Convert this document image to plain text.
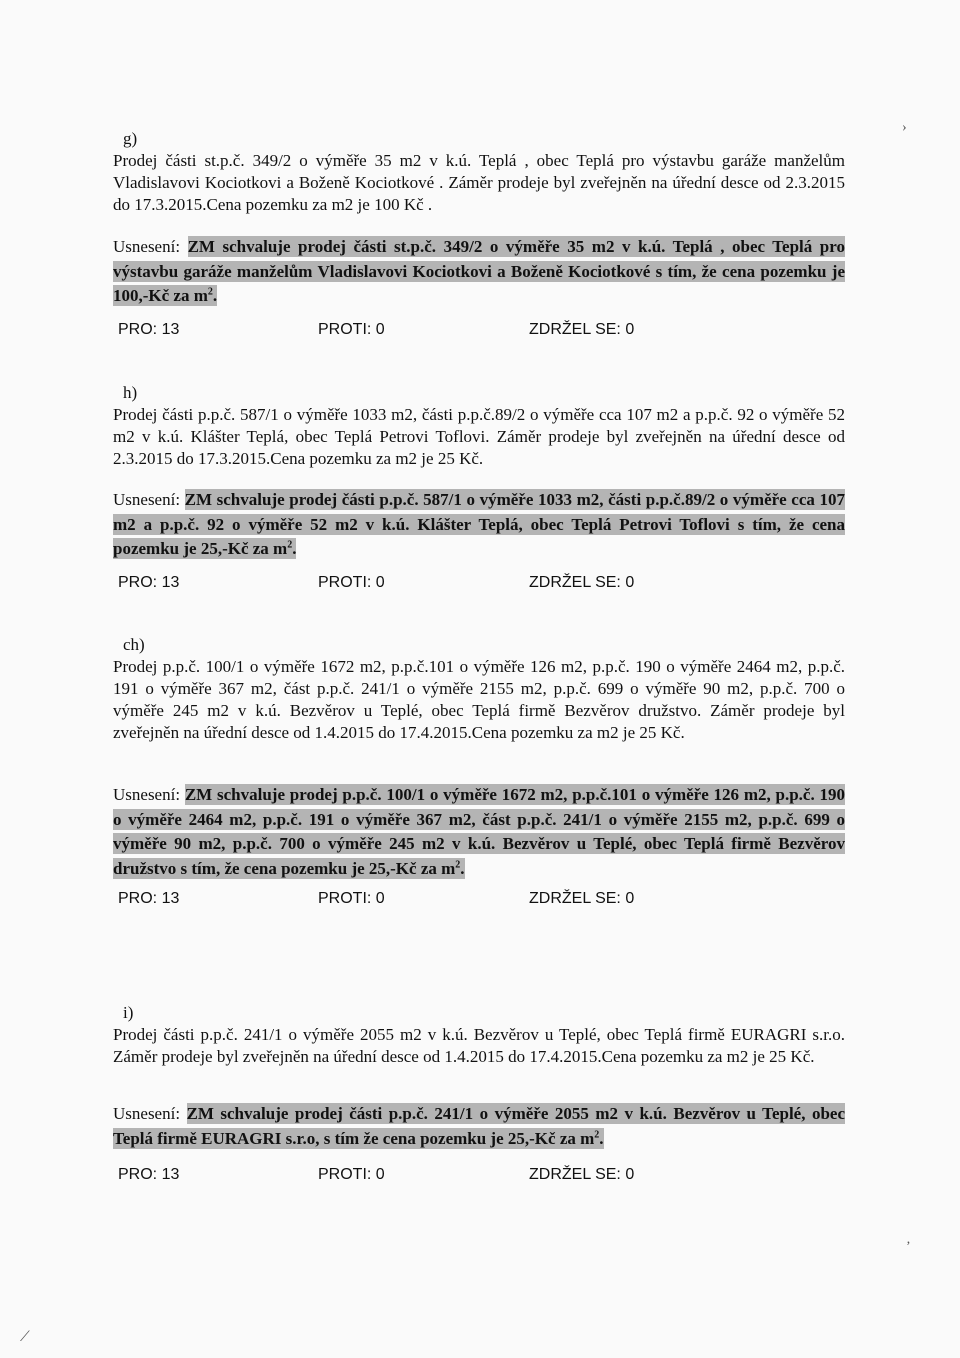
g)

Prodej části st.p.č. 349/2 o výměře 35 m2 v k.ú. Teplá , obec Teplá pro výstavbu garáže manželům Vladislavovi Kociotkovi a Boženě Kociotkové . Záměr prodeje byl zveřejněn na úřední desce od 2.3.2015 do 17.3.2015.Cena pozemku za m2 je 100 Kč .

Usnesení: ZM schvaluje prodej části st.p.č. 349/2 o výměře 35 m2 v k.ú. Teplá , obec Teplá pro výstavbu garáže manželům Vladislavovi Kociotkovi a Boženě Kociotkové s tím, že cena pozemku je 100,-Kč za $m^2$.

PRO: 13	PROTI: 0	ZDRŽEL SE: 0

h)

Prodej části p.p.č. 587/1 o výměře 1033 m2, části p.p.č.89/2 o výměře cca 107 m2 a p.p.č. 92 o výměře 52 m2 v k.ú. Klášter Teplá, obec Teplá Petrovi Toflovi. Záměr prodeje byl zveřejněn na úřední desce od 2.3.2015 do 17.3.2015.Cena pozemku za m2 je 25 Kč.

Usnesení: ZM schvaluje prodej části p.p.č. 587/1 o výměře 1033 m2, části p.p.č.89/2 o výměře cca 107 m2 a p.p.č. 92 o výměře 52 m2 v k.ú. Klášter Teplá, obec Teplá Petrovi Toflovi s tím, že cena pozemku je 25,-Kč za $m^2$.

PRO: 13	PROTI: 0	ZDRŽEL SE: 0

ch)

Prodej p.p.č. 100/1 o výměře 1672 m2, p.p.č.101 o výměře 126 m2, p.p.č. 190 o výměře 2464 m2, p.p.č. 191 o výměře 367 m2, část p.p.č. 241/1 o výměře 2155 m2, p.p.č. 699 o výměře 90 m2, p.p.č. 700 o výměře 245 m2 v k.ú. Bezvěrov u Teplé, obec Teplá firmě Bezvěrov družstvo. Záměr prodeje byl zveřejněn na úřední desce od 1.4.2015 do 17.4.2015.Cena pozemku za m2 je 25 Kč.

Usnesení: ZM schvaluje prodej p.p.č. 100/1 o výměře 1672 m2, p.p.č.101 o výměře 126 m2, p.p.č. 190 o výměře 2464 m2, p.p.č. 191 o výměře 367 m2, část p.p.č. 241/1 o výměře 2155 m2, p.p.č. 699 o výměře 90 m2, p.p.č. 700 o výměře 245 m2 v k.ú. Bezvěrov u Teplé, obec Teplá firmě Bezvěrov družstvo s tím, že cena pozemku je 25,-Kč za $m^2$.

PRO: 13	PROTI: 0	ZDRŽEL SE: 0

i)

Prodej části p.p.č. 241/1 o výměře 2055 m2 v k.ú. Bezvěrov u Teplé, obec Teplá firmě EURAGRI s.r.o. Záměr prodeje byl zveřejněn na úřední desce od 1.4.2015 do 17.4.2015.Cena pozemku za m2 je 25 Kč.

Usnesení: ZM schvaluje prodej části p.p.č. 241/1 o výměře 2055 m2 v k.ú. Bezvěrov u Teplé, obec Teplá firmě EURAGRI s.r.o, s tím že cena pozemku je 25,-Kč za $m^2$.

PRO: 13	PROTI: 0	ZDRŽEL SE: 0
›
‚
⟋
